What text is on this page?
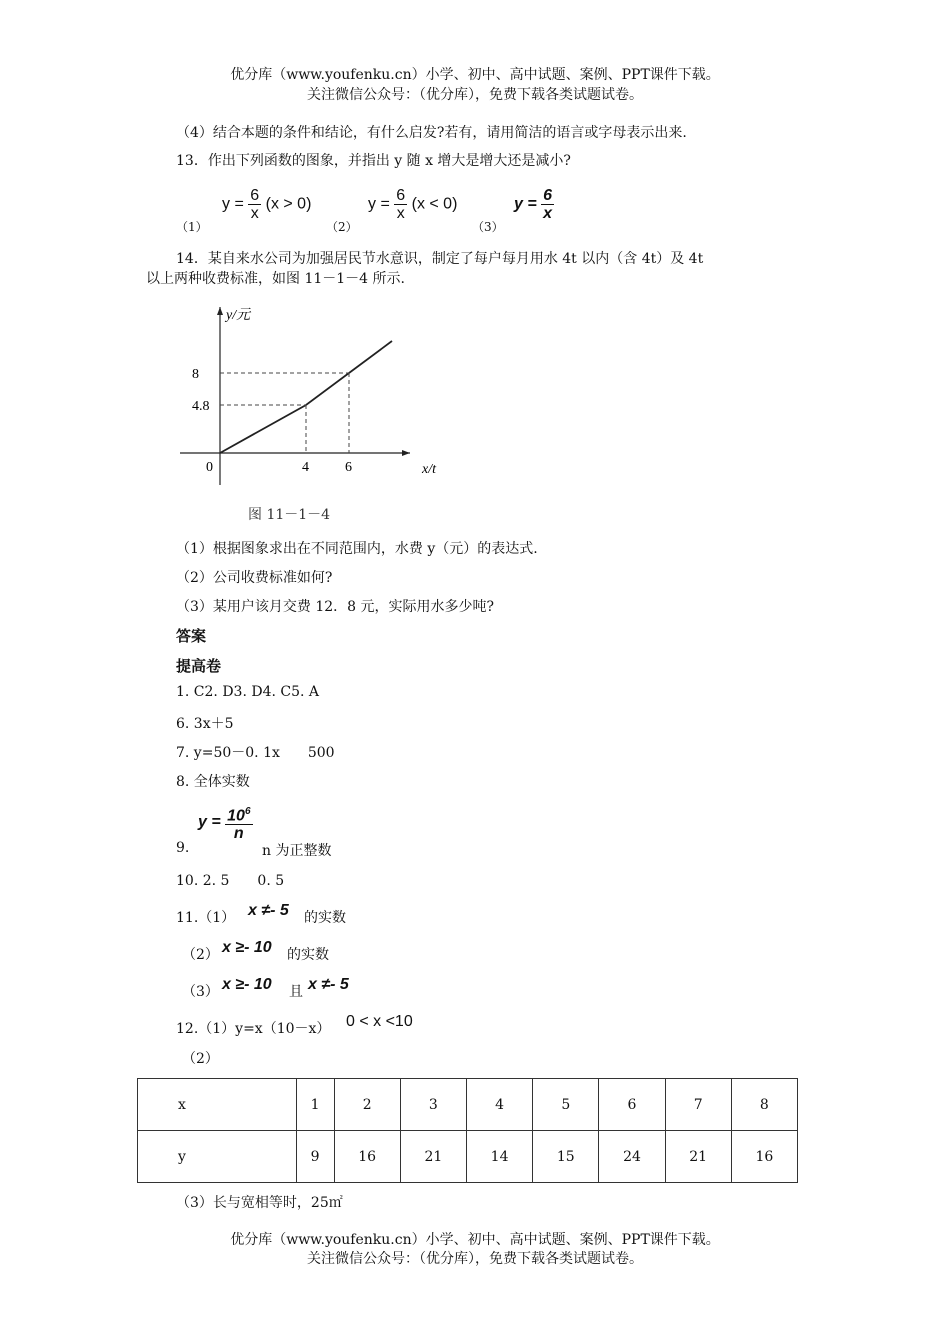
优分库（www.youfenku.cn）小学、初中、高中试题、案例、PPT课件下载。
关注微信公众号：（优分库），免费下载各类试题试卷。
（4）结合本题的条件和结论，有什么启发?若有，请用简洁的语言或字母表示出来.
13．作出下列函数的图象，并指出 y 随 x 增大是增大还是减小?
（1）
$y = \frac{6}{x} (x > 0)$
（2）
$y = \frac{6}{x} (x < 0)$
（3）
$y = \frac{6}{x}$
14．某自来水公司为加强居民节水意识，制定了每户每月用水 4t 以内（含 4t）及 4t
以上两种收费标准，如图 11－1－4 所示.
y/元
x/t
0	4
4.8
6
8
图 11－1－4
（1）根据图象求出在不同范围内，水费 y（元）的表达式.
（2）公司收费标准如何?
（3）某用户该月交费 12．8 元，实际用水多少吨?
答案
提高卷
1. C2. D3. D4. C5. A
6. 3x＋5
7. y=50－0. 1x　　500
8. 全体实数
9.
$y = \frac{10^6}{n}$
n 为正整数
10. 2. 5　　0. 5
11.（1） x ≠- 5 的实数
（2） x ≥- 10 的实数
（3） x ≥- 10 且 x ≠- 5
12.（1）y=x（10－x） 0 < x <10
（2）
x	1	2	3	4	5	6	7	8
y	9	16	21	14	15	24	21	16
（3）长与宽相等时，25㎡
优分库（www.youfenku.cn）小学、初中、高中试题、案例、PPT课件下载。
关注微信公众号：（优分库），免费下载各类试题试卷。
